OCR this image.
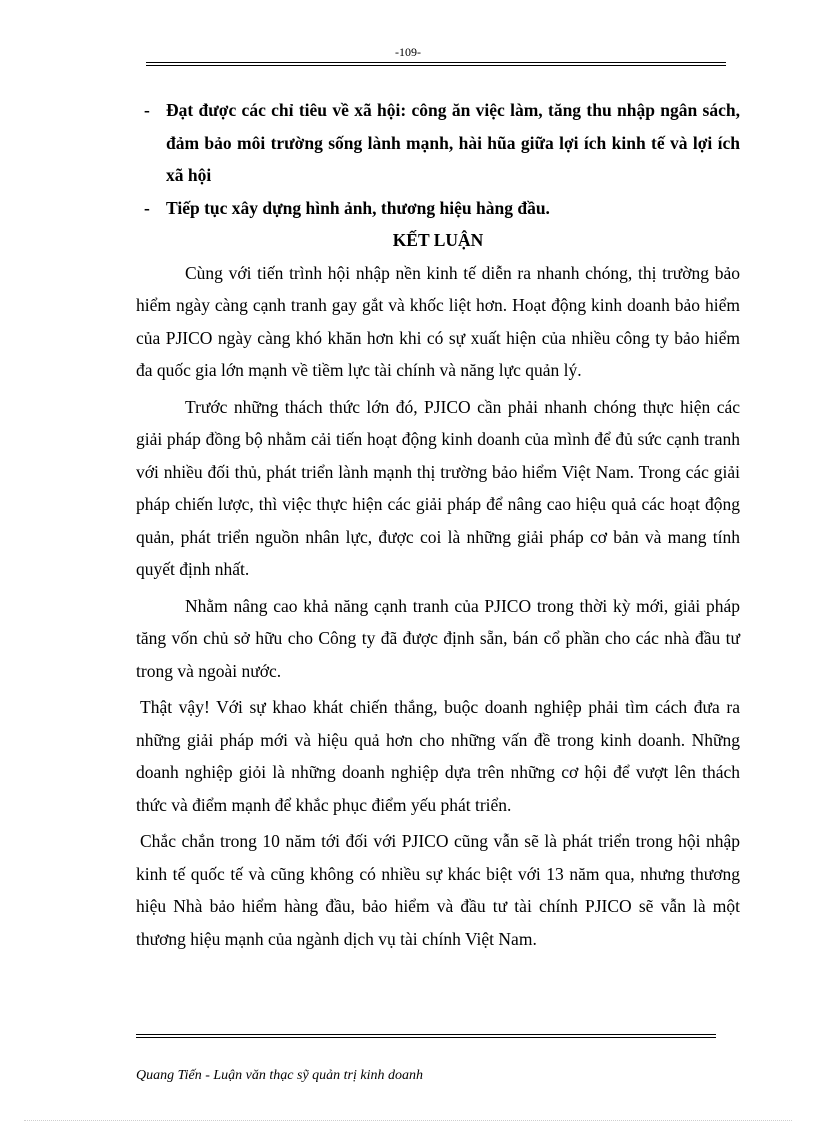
-109-
- Đạt được các chỉ tiêu về xã hội: công ăn việc làm, tăng thu nhập ngân sách, đảm bảo môi trường sống lành mạnh, hài hũa giữa lợi ích kinh tế và lợi ích xã hội
- Tiếp tục xây dựng hình ảnh, thương hiệu hàng đầu.
KẾT LUẬN

Cùng với tiến trình hội nhập nền kinh tế diễn ra nhanh chóng, thị trường bảo hiểm ngày càng cạnh tranh gay gắt và khốc liệt hơn. Hoạt động kinh doanh bảo hiểm của PJICO ngày càng khó khăn hơn khi có sự xuất hiện của nhiều công ty bảo hiểm đa quốc gia lớn mạnh về tiềm lực tài chính và năng lực quản lý.

Trước những thách thức lớn đó, PJICO cần phải nhanh chóng thực hiện các giải pháp đồng bộ nhằm cải tiến hoạt động kinh doanh của mình để đủ sức cạnh tranh với nhiều đối thủ, phát triển lành mạnh thị trường bảo hiểm Việt Nam. Trong các giải pháp chiến lược, thì việc thực hiện các giải pháp để nâng cao hiệu quả các hoạt động quản, phát triển nguồn nhân lực, được coi là những giải pháp cơ bản và mang tính quyết định nhất.

Nhằm nâng cao khả năng cạnh tranh của PJICO trong thời kỳ mới, giải pháp tăng vốn chủ sở hữu cho Công ty đã được định sẵn, bán cổ phần cho các nhà đầu tư trong và ngoài nước.

Thật vậy! Với sự khao khát chiến thắng, buộc doanh nghiệp phải tìm cách đưa ra những giải pháp mới và hiệu quả hơn cho những vấn đề trong kinh doanh. Những doanh nghiệp giỏi là những doanh nghiệp dựa trên những cơ hội để vượt lên thách thức và điểm mạnh để khắc phục điểm yếu phát triển.

Chắc chắn trong 10 năm tới đối với PJICO cũng vẫn sẽ là phát triển trong hội nhập kinh tế quốc tế và cũng không có nhiều sự khác biệt với 13 năm qua, nhưng thương hiệu Nhà bảo hiểm hàng đầu, bảo hiểm và đầu tư tài chính PJICO sẽ vẫn là một thương hiệu mạnh của ngành dịch vụ tài chính Việt Nam.

Quang Tiến - Luận văn thạc sỹ quản trị kinh doanh
